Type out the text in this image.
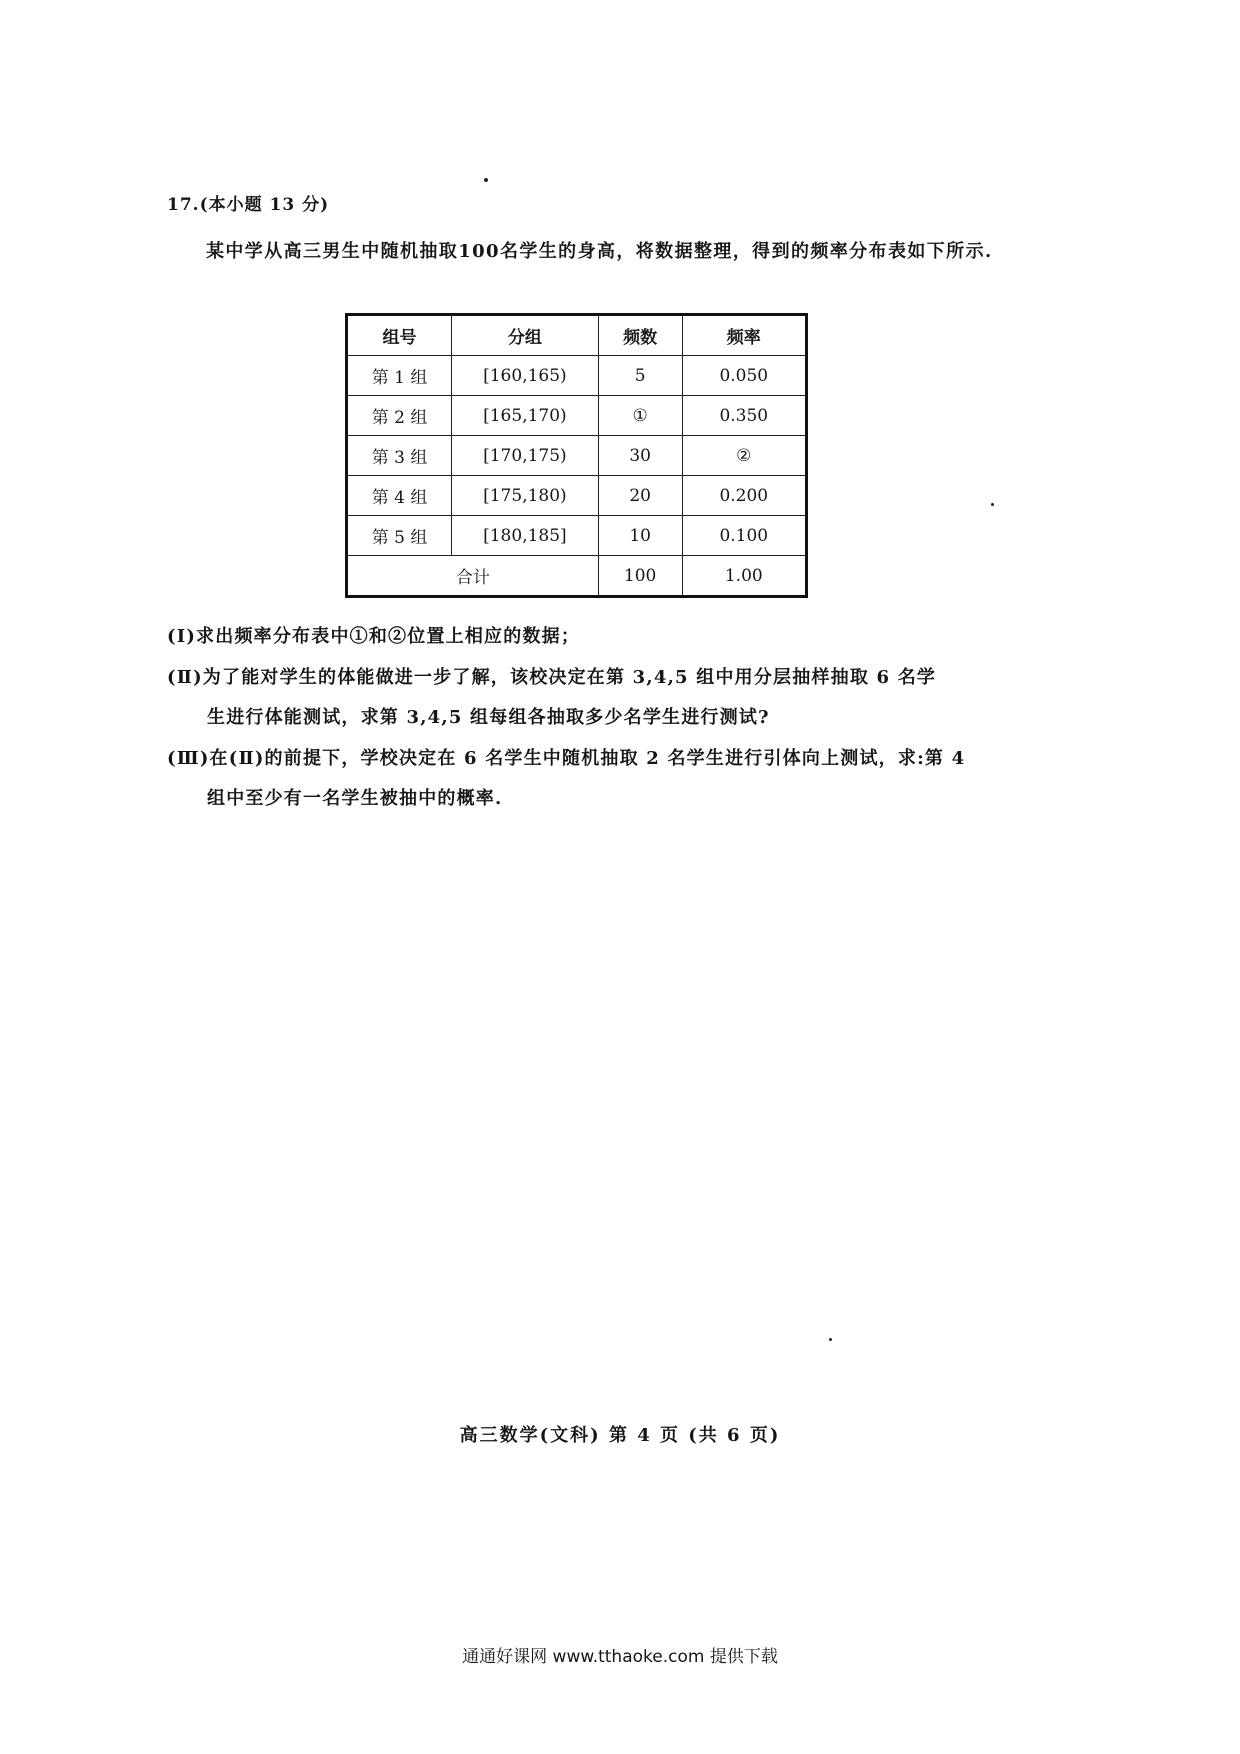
17.(本小题 13 分)
某中学从高三男生中随机抽取100名学生的身高，将数据整理，得到的频率分布表如下所示.
组号	分组	频数	频率
第 1 组	[160,165)	5	0.050
第 2 组	[165,170)	①	0.350
第 3 组	[170,175)	30	②
第 4 组	[175,180)	20	0.200
第 5 组	[180,185]	10	0.100
合计		100	1.00
(Ⅰ)求出频率分布表中①和②位置上相应的数据；
(Ⅱ)为了能对学生的体能做进一步了解，该校决定在第 3,4,5 组中用分层抽样抽取 6 名学
生进行体能测试，求第 3,4,5 组每组各抽取多少名学生进行测试?
(Ⅲ)在(Ⅱ)的前提下，学校决定在 6 名学生中随机抽取 2 名学生进行引体向上测试，求:第 4
组中至少有一名学生被抽中的概率.
高三数学(文科) 第 4 页 (共 6 页)
通通好课网 www.tthaoke.com 提供下载
